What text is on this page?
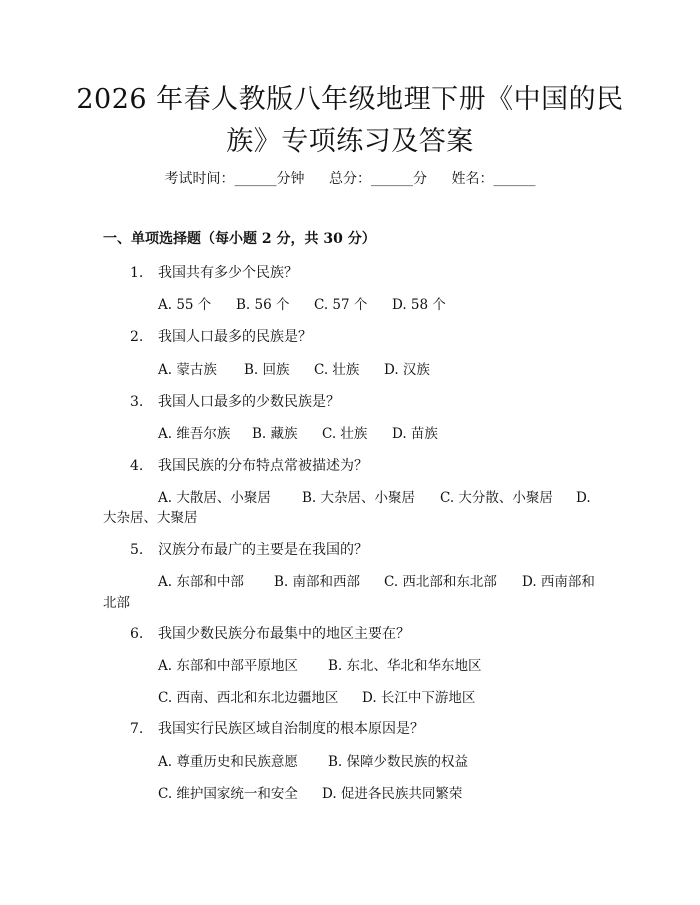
2026 年春人教版八年级地理下册《中国的民
族》专项练习及答案
考试时间：______分钟 总分：______分 姓名：______
一、单项选择题（每小题 2 分，共 30 分）
1. 我国共有多少个民族？
A. 55 个 B. 56 个 C. 57 个 D. 58 个
2. 我国人口最多的民族是？
A. 蒙古族 B. 回族 C. 壮族 D. 汉族
3. 我国人口最多的少数民族是？
A. 维吾尔族 B. 藏族 C. 壮族 D. 苗族
4. 我国民族的分布特点常被描述为？
A. 大散居、小聚居 B. 大杂居、小聚居 C. 大分散、小聚居 D.
大杂居、大聚居
5. 汉族分布最广的主要是在我国的？
A. 东部和中部 B. 南部和西部 C. 西北部和东北部 D. 西南部和
北部
6. 我国少数民族分布最集中的地区主要在？
A. 东部和中部平原地区 B. 东北、华北和华东地区
C. 西南、西北和东北边疆地区 D. 长江中下游地区
7. 我国实行民族区域自治制度的根本原因是？
A. 尊重历史和民族意愿 B. 保障少数民族的权益
C. 维护国家统一和安全 D. 促进各民族共同繁荣
